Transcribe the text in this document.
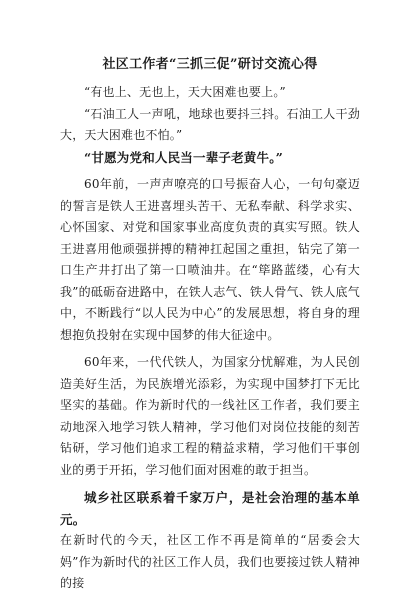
社区工作者“三抓三促”研讨交流心得

“有也上、无也上，天大困难也要上。”

“石油工人一声吼，地球也要抖三抖。石油工人干劲大，天大困难也不怕。”

“甘愿为党和人民当一辈子老黄牛。”

60年前，一声声嘹亮的口号振奋人心，一句句豪迈的誓言是铁人王进喜埋头苦干、无私奉献、科学求实、心怀国家、对党和国家事业高度负责的真实写照。铁人王进喜用他顽强拼搏的精神扛起国之重担，钻完了第一口生产井打出了第一口喷油井。在“筚路蓝缕，心有大我”的砥砺奋进路中，在铁人志气、铁人骨气、铁人底气中，不断践行“以人民为中心”的发展思想，将自身的理想抱负投射在实现中国梦的伟大征途中。

60年来，一代代铁人，为国家分忧解难，为人民创造美好生活，为民族增光添彩，为实现中国梦打下无比坚实的基础。作为新时代的一线社区工作者，我们要主动地深入地学习铁人精神，学习他们对岗位技能的刻苦钻研，学习他们追求工程的精益求精，学习他们干事创业的勇于开拓，学习他们面对困难的敢于担当。

城乡社区联系着千家万户，是社会治理的基本单元。

在新时代的今天，社区工作不再是简单的“居委会大妈”作为新时代的社区工作人员，我们也要接过铁人精神的接
